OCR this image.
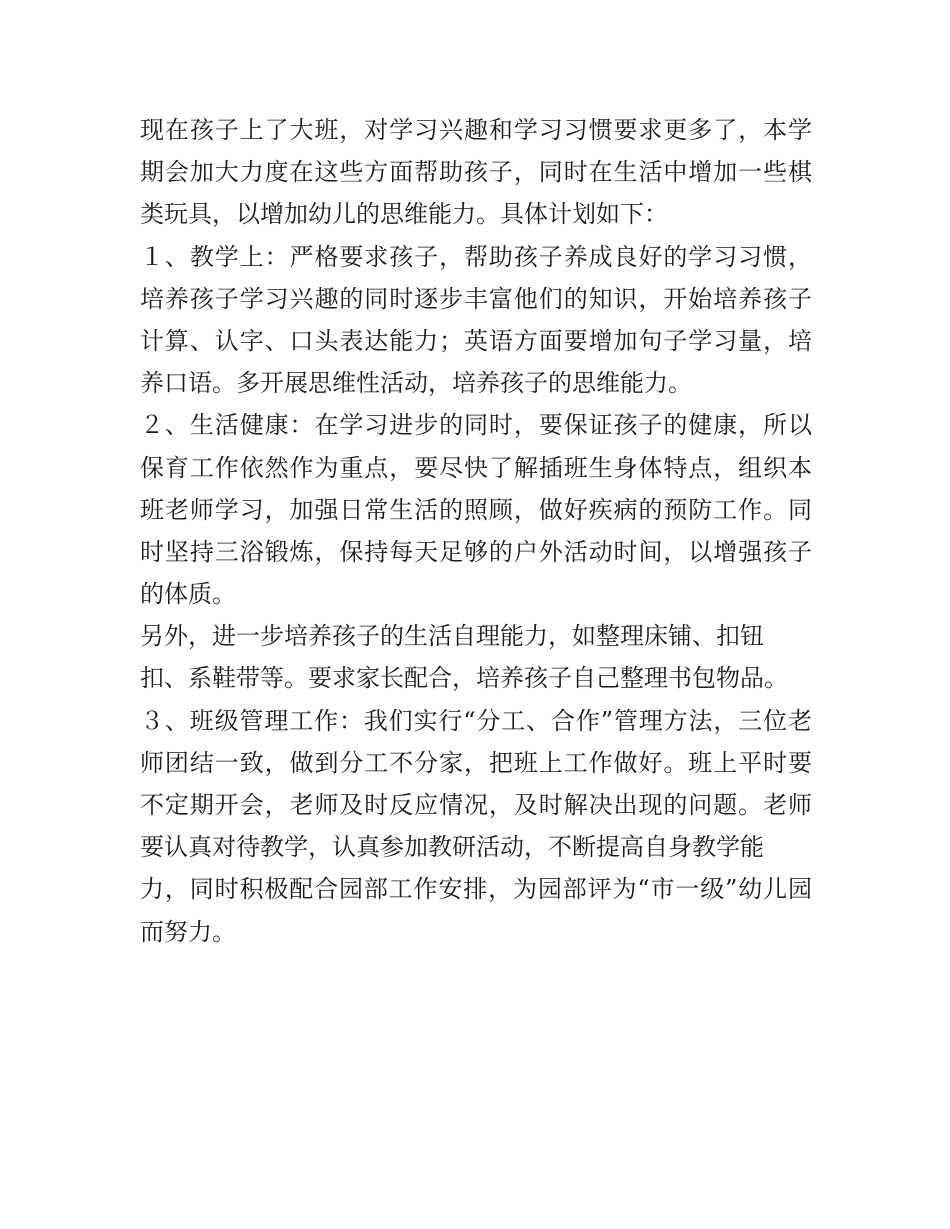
现在孩子上了大班，对学习兴趣和学习习惯要求更多了，本学
期会加大力度在这些方面帮助孩子，同时在生活中增加一些棋
类玩具，以增加幼儿的思维能力。具体计划如下：
１、教学上：严格要求孩子，帮助孩子养成良好的学习习惯，
培养孩子学习兴趣的同时逐步丰富他们的知识，开始培养孩子
计算、认字、口头表达能力；英语方面要增加句子学习量，培
养口语。多开展思维性活动，培养孩子的思维能力。
２、生活健康：在学习进步的同时，要保证孩子的健康，所以
保育工作依然作为重点，要尽快了解插班生身体特点，组织本
班老师学习，加强日常生活的照顾，做好疾病的预防工作。同
时坚持三浴锻炼，保持每天足够的户外活动时间，以增强孩子
的体质。
另外，进一步培养孩子的生活自理能力，如整理床铺、扣钮
扣、系鞋带等。要求家长配合，培养孩子自己整理书包物品。
３、班级管理工作：我们实行“分工、合作”管理方法，三位老
师团结一致，做到分工不分家，把班上工作做好。班上平时要
不定期开会，老师及时反应情况，及时解决出现的问题。老师
要认真对待教学，认真参加教研活动，不断提高自身教学能
力，同时积极配合园部工作安排，为园部评为“市一级”幼儿园
而努力。
